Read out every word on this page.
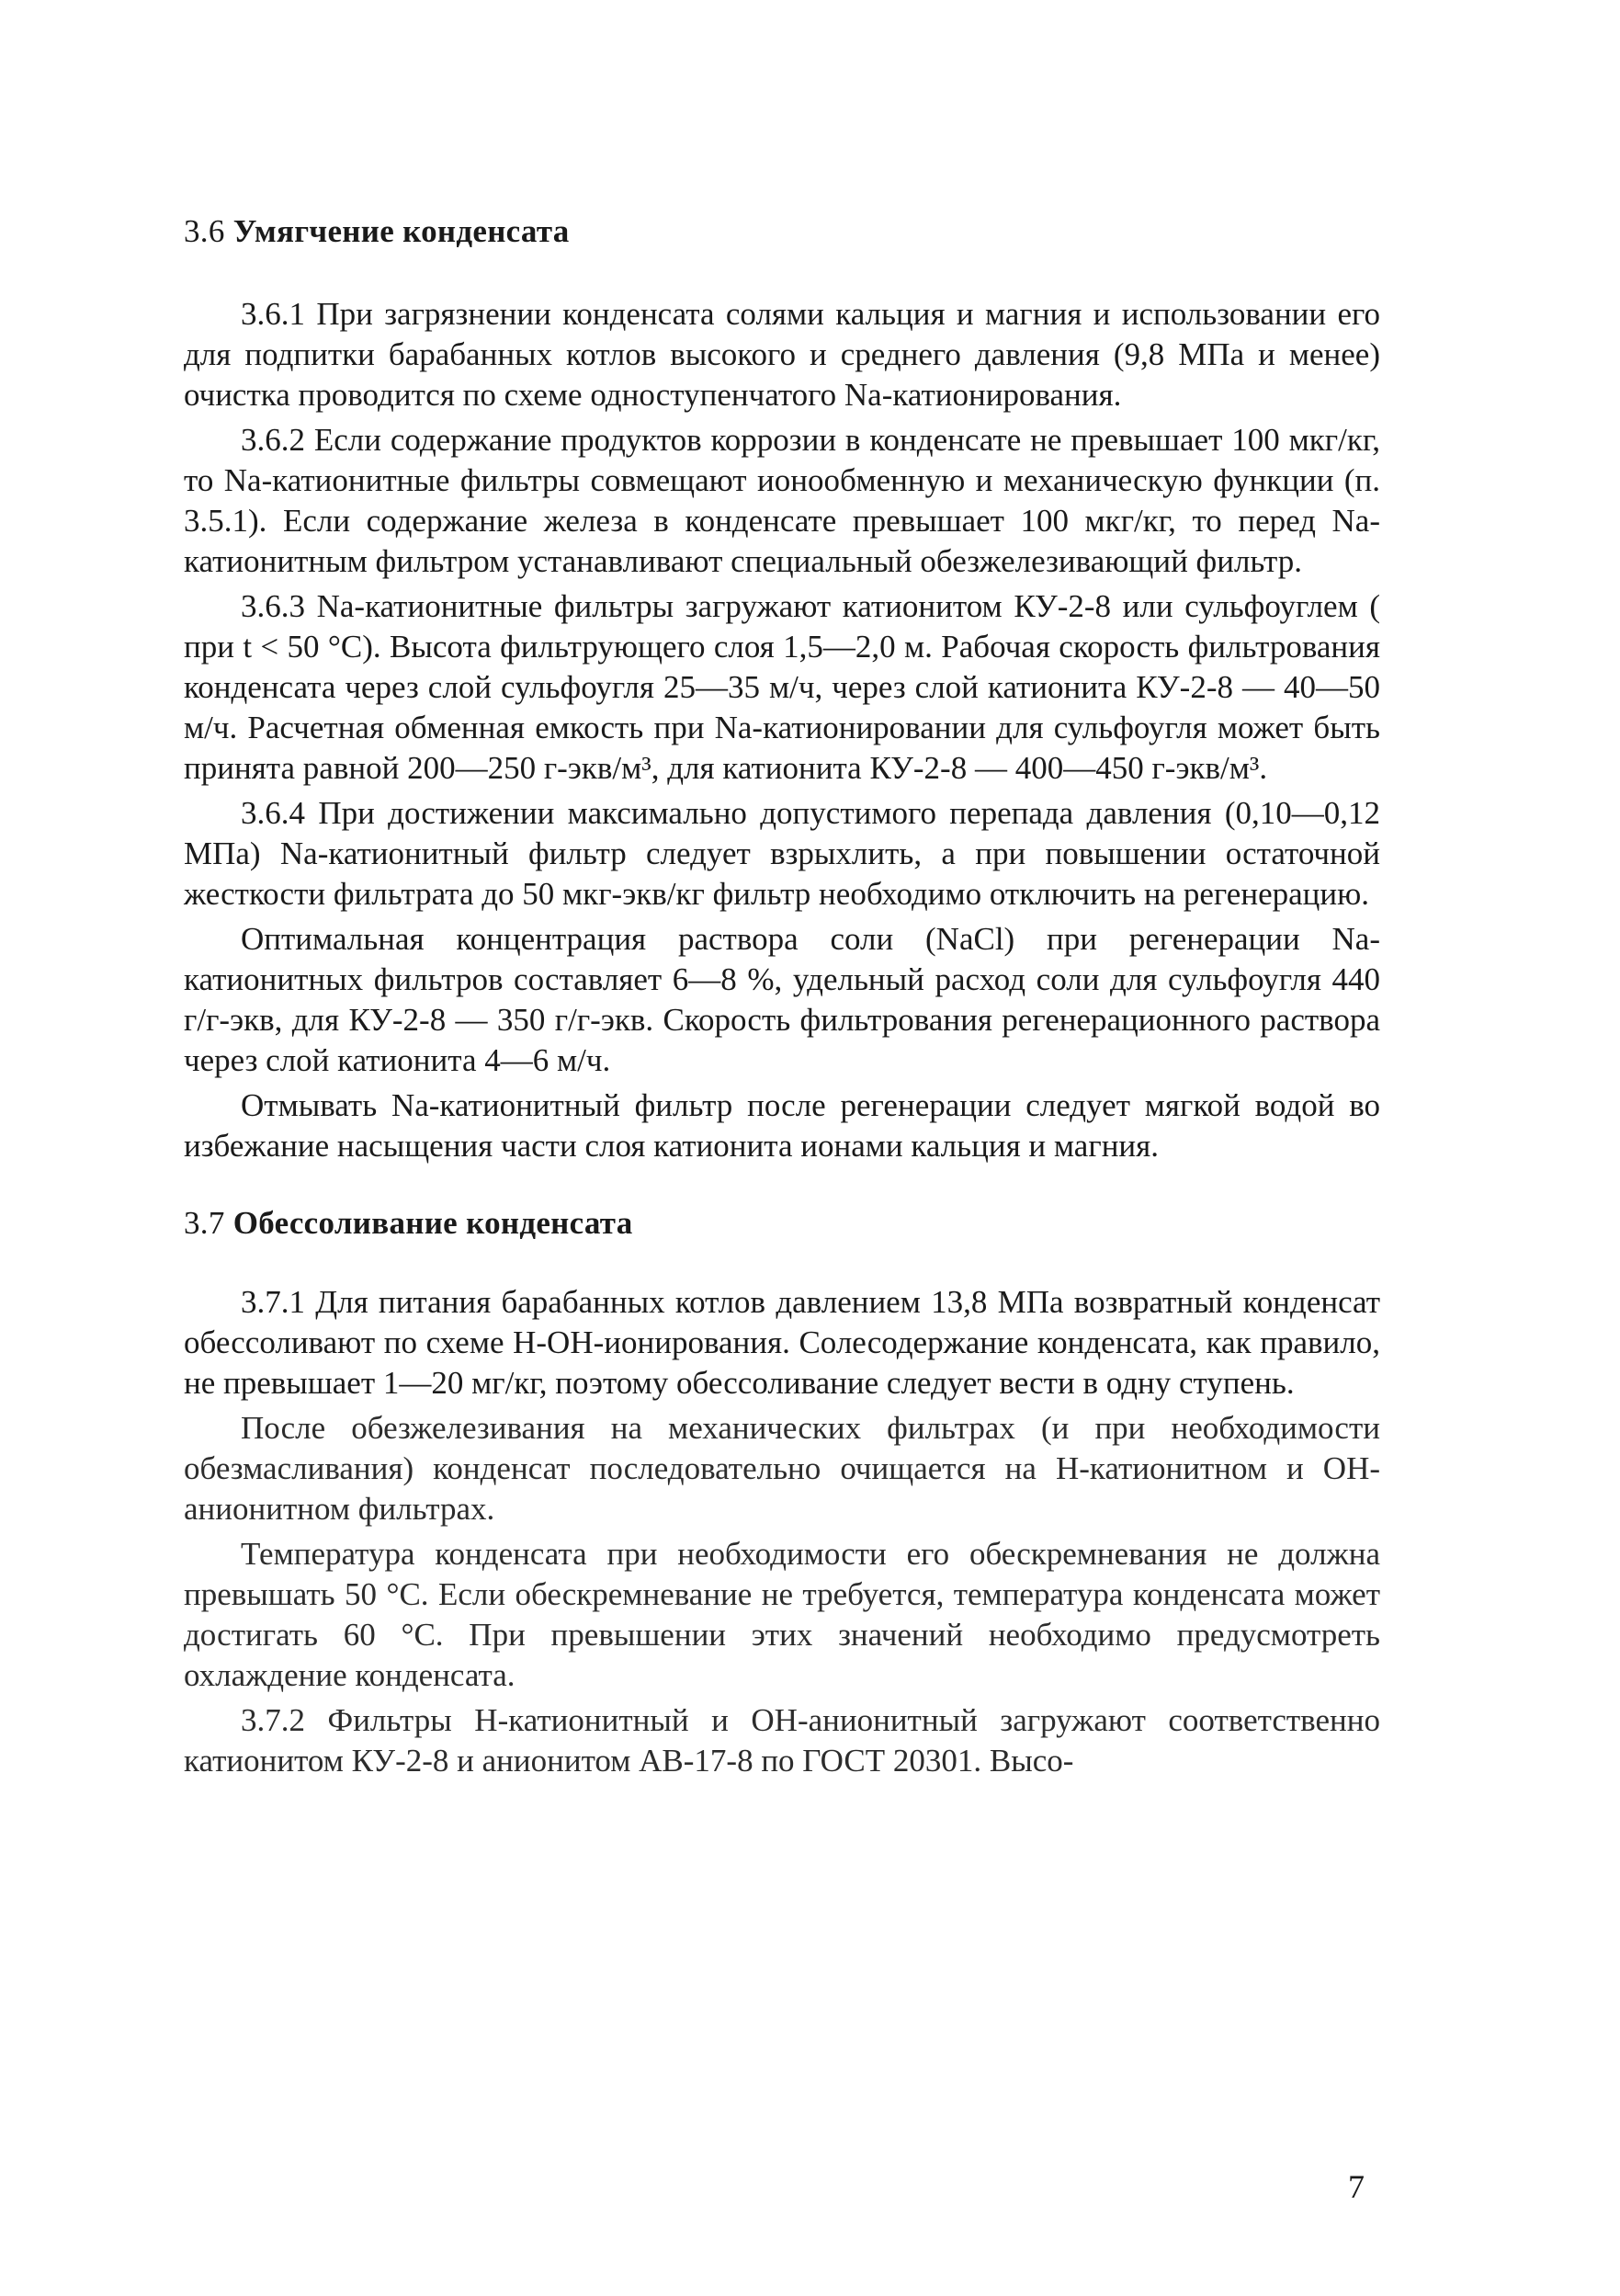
3.6 Умягчение конденсата

3.6.1 При загрязнении конденсата солями кальция и магния и использовании его для подпитки барабанных котлов высокого и среднего давления (9,8 МПа и менее) очистка проводится по схеме одноступенчатого Na-катионирования.

3.6.2 Если содержание продуктов коррозии в конденсате не превышает 100 мкг/кг, то Na-катионитные фильтры совмещают ионообменную и механическую функции (п. 3.5.1). Если содержание железа в конденсате превышает 100 мкг/кг, то перед Na-катионитным фильтром устанавливают специальный обезжелезивающий фильтр.

3.6.3 Na-катионитные фильтры загружают катионитом КУ-2-8 или сульфоуглем ( при t < 50 °С). Высота фильтрующего слоя 1,5—2,0 м. Рабочая скорость фильтрования конденсата через слой сульфоугля 25—35 м/ч, через слой катионита КУ-2-8 — 40—50 м/ч. Расчетная обменная емкость при Na-катионировании для сульфоугля может быть принята равной 200—250 г-экв/м³, для катионита КУ-2-8 — 400—450 г-экв/м³.

3.6.4 При достижении максимально допустимого перепада давления (0,10—0,12 МПа) Na-катионитный фильтр следует взрыхлить, а при повышении остаточной жесткости фильтрата до 50 мкг-экв/кг фильтр необходимо отключить на регенерацию.

Оптимальная концентрация раствора соли (NaCl) при регенерации Na-катионитных фильтров составляет 6—8 %, удельный расход соли для сульфоугля 440 г/г-экв, для КУ-2-8 — 350 г/г-экв. Скорость фильтрования регенерационного раствора через слой катионита 4—6 м/ч.

Отмывать Na-катионитный фильтр после регенерации следует мягкой водой во избежание насыщения части слоя катионита ионами кальция и магния.

3.7 Обессоливание конденсата

3.7.1 Для питания барабанных котлов давлением 13,8 МПа возвратный конденсат обессоливают по схеме Н-ОН-ионирования. Солесодержание конденсата, как правило, не превышает 1—20 мг/кг, поэтому обессоливание следует вести в одну ступень.

После обезжелезивания на механических фильтрах (и при необходимости обезмасливания) конденсат последовательно очищается на Н-катионитном и ОН-анионитном фильтрах.

Температура конденсата при необходимости его обескремневания не должна превышать 50 °С. Если обескремневание не требуется, температура конденсата может достигать 60 °С. При превышении этих значений необходимо предусмотреть охлаждение конденсата.

3.7.2 Фильтры Н-катионитный и ОН-анионитный загружают соответственно катионитом КУ-2-8 и анионитом АВ-17-8 по ГОСТ 20301. Высо-

7
